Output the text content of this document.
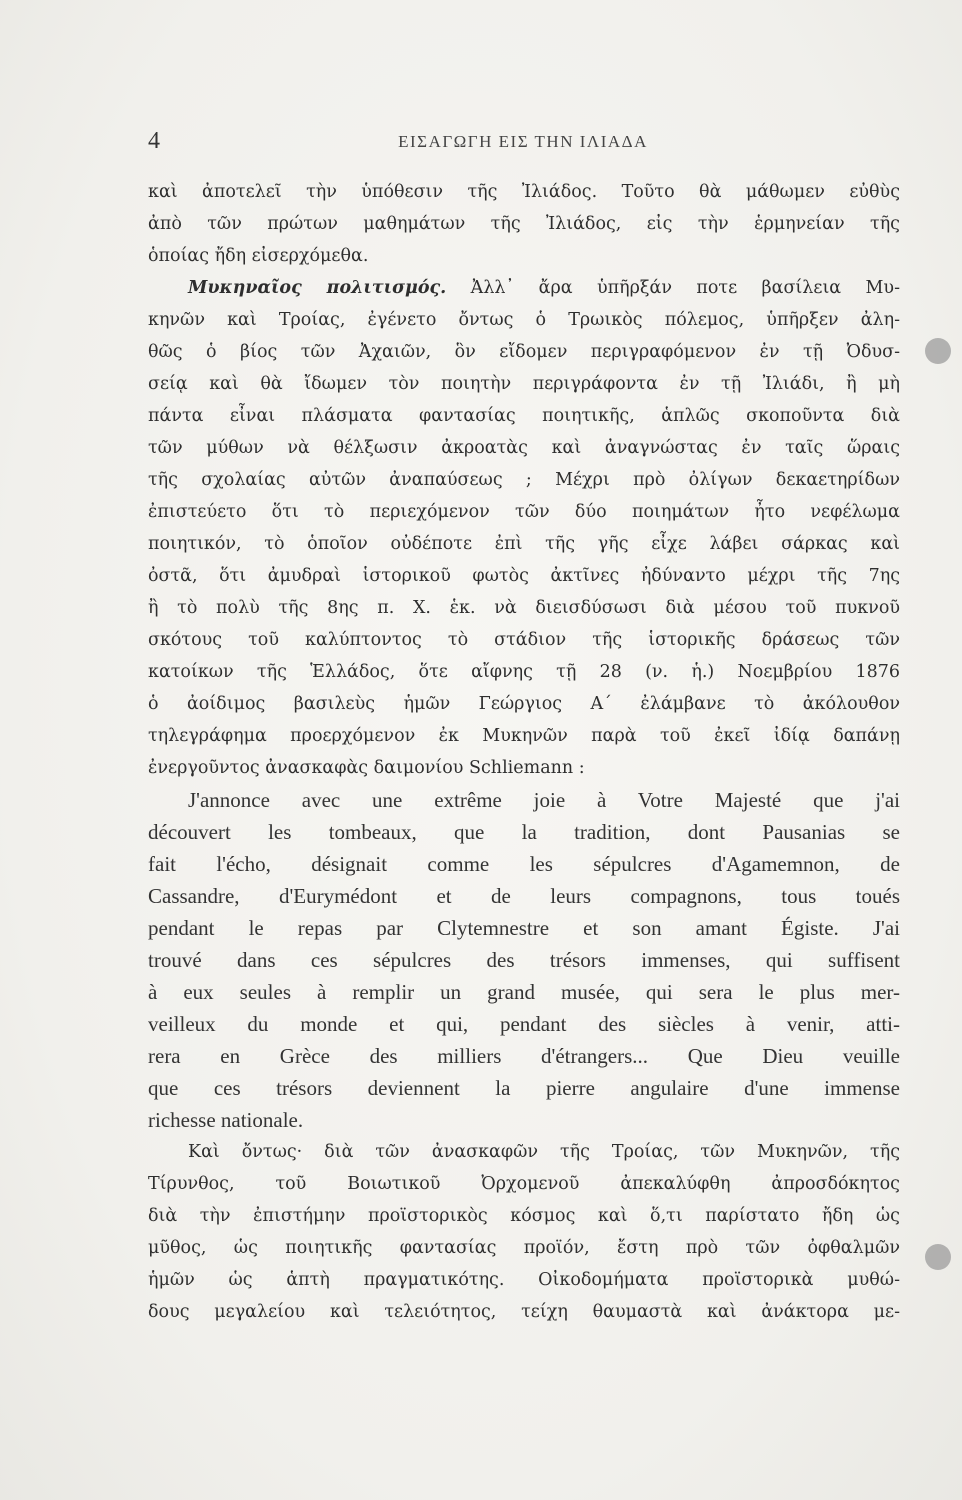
4	ΕΙΣΑΓΩΓΗ ΕΙΣ ΤΗΝ ΙΛΙΑΔΑ
καὶ ἀποτελεῖ τὴν ὑπόθεσιν τῆς Ἰλιάδος. Τοῦτο θὰ μάθωμεν εὐθὺς
ἀπὸ τῶν πρώτων μαθημάτων τῆς Ἰλιάδος, εἰς τὴν ἑρμηνείαν τῆς
ὁποίας ἤδη εἰσερχόμεθα.
Μυκηναῖος πολιτισμός. Ἀλλ᾽ ἄρα ὑπῆρξάν ποτε βασίλεια Μυ-
κηνῶν καὶ Τροίας, ἐγένετο ὄντως ὁ Τρωικὸς πόλεμος, ὑπῆρξεν ἀλη-
θῶς ὁ βίος τῶν Ἀχαιῶν, ὃν εἴδομεν περιγραφόμενον ἐν τῇ Ὀδυσ-
σείᾳ καὶ θὰ ἴδωμεν τὸν ποιητὴν περιγράφοντα ἐν τῇ Ἰλιάδι, ἢ μὴ
πάντα εἶναι πλάσματα φαντασίας ποιητικῆς, ἁπλῶς σκοποῦντα διὰ
τῶν μύθων νὰ θέλξωσιν ἀκροατὰς καὶ ἀναγνώστας ἐν ταῖς ὥραις
τῆς σχολαίας αὐτῶν ἀναπαύσεως ; Μέχρι πρὸ ὀλίγων δεκαετηρίδων
ἐπιστεύετο ὅτι τὸ περιεχόμενον τῶν δύο ποιημάτων ἦτο νεφέλωμα
ποιητικόν, τὸ ὁποῖον οὐδέποτε ἐπὶ τῆς γῆς εἶχε λάβει σάρκας καὶ
ὀστᾶ, ὅτι ἀμυδραὶ ἱστορικοῦ φωτὸς ἀκτῖνες ἠδύναντο μέχρι τῆς 7ης
ἢ τὸ πολὺ τῆς 8ης π. Χ. ἑκ. νὰ διεισδύσωσι διὰ μέσου τοῦ πυκνοῦ
σκότους τοῦ καλύπτοντος τὸ στάδιον τῆς ἱστορικῆς δράσεως τῶν
κατοίκων τῆς Ἑλλάδος, ὅτε αἴφνης τῇ 28 (ν. ἡ.) Νοεμβρίου 1876
ὁ ἀοίδιμος βασιλεὺς ἡμῶν Γεώργιος Α΄ ἐλάμβανε τὸ ἀκόλουθον
τηλεγράφημα προερχόμενον ἐκ Μυκηνῶν παρὰ τοῦ ἐκεῖ ἰδίᾳ δαπάνῃ
ἐνεργοῦντος ἀνασκαφὰς δαιμονίου Schliemann :
J'annonce avec une extrême joie à Votre Majesté que j'ai
découvert les tombeaux, que la tradition, dont Pausanias se
fait l'écho, désignait comme les sépulcres d'Agamemnon, de
Cassandre, d'Eurymédont et de leurs compagnons, tous toués
pendant le repas par Clytemnestre et son amant Égiste. J'ai
trouvé dans ces sépulcres des trésors immenses, qui suffisent
à eux seules à remplir un grand musée, qui sera le plus mer-
veilleux du monde et qui, pendant des siècles à venir, atti-
rera en Grèce des milliers d'étrangers... Que Dieu veuille
que ces trésors deviennent la pierre angulaire d'une immense
richesse nationale.
Καὶ ὄντως· διὰ τῶν ἀνασκαφῶν τῆς Τροίας, τῶν Μυκηνῶν, τῆς
Τίρυνθος, τοῦ Βοιωτικοῦ Ὀρχομενοῦ ἀπεκαλύφθη ἀπροσδόκητος
διὰ τὴν ἐπιστήμην προϊστορικὸς κόσμος καὶ ὅ,τι παρίστατο ἤδη ὡς
μῦθος, ὡς ποιητικῆς φαντασίας προϊόν, ἔστη πρὸ τῶν ὀφθαλμῶν
ἡμῶν ὡς ἁπτὴ πραγματικότης. Οἰκοδομήματα προϊστορικὰ μυθώ-
δους μεγαλείου καὶ τελειότητος, τείχη θαυμαστὰ καὶ ἀνάκτορα με-
